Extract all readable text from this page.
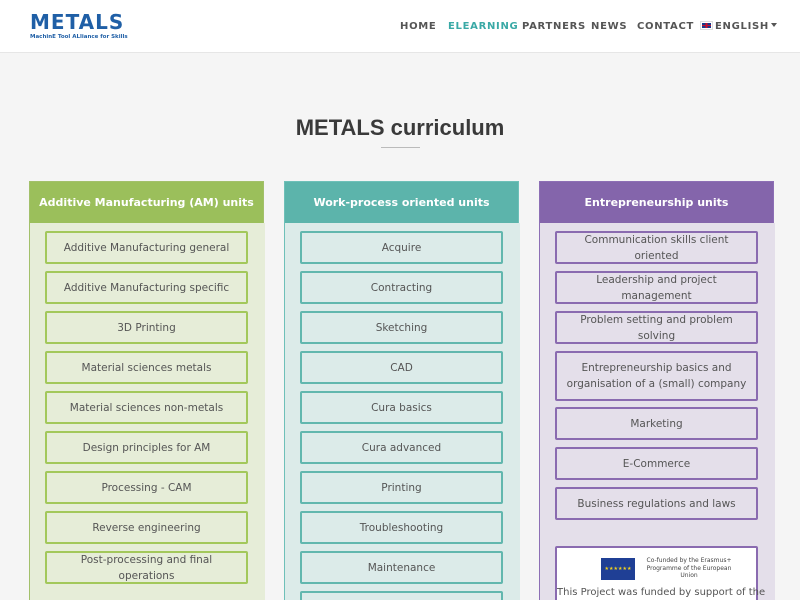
METALS
MachinE Tool ALliance for Skills
HOME ELEARNING PARTNERS NEWS CONTACT	ENGLISH
METALS curriculum
Additive Manufacturing (AM) units
Additive Manufacturing general
Additive Manufacturing specific
3D Printing
Material sciences metals
Material sciences non-metals
Design principles for AM
Processing - CAM
Reverse engineering
Post-processing and final operations
Work-process oriented units
Acquire
Contracting
Sketching
CAD
Cura basics
Cura advanced
Printing
Troubleshooting
Maintenance
Entrepreneurship units
Communication skills client oriented
Leadership and project management
Problem setting and problem solving
Entrepreneurship basics and organisation of a (small) company
Marketing
E-Commerce
Business regulations and laws
★★★★★★
Co-funded by the Erasmus+ Programme of the European Union
This Project was funded by support of the
